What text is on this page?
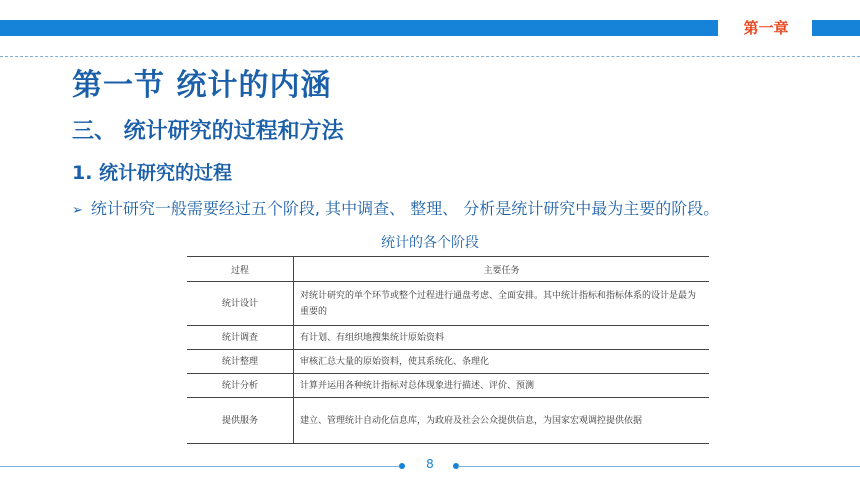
第一章
第一节 统计的内涵
三、 统计研究的过程和方法
1. 统计研究的过程
➢ 统计研究一般需要经过五个阶段, 其中调查、 整理、 分析是统计研究中最为主要的阶段。
统计的各个阶段
过程	主要任务
统计设计	对统计研究的单个环节或整个过程进行通盘考虑、全面安排。其中统计指标和指标体系的设计是最为重要的
统计调查	有计划、有组织地搜集统计原始资料
统计整理	审核汇总大量的原始资料，使其系统化、条理化
统计分析	计算并运用各种统计指标对总体现象进行描述、评价、预测
提供服务	建立、管理统计自动化信息库，为政府及社会公众提供信息，为国家宏观调控提供依据
8
